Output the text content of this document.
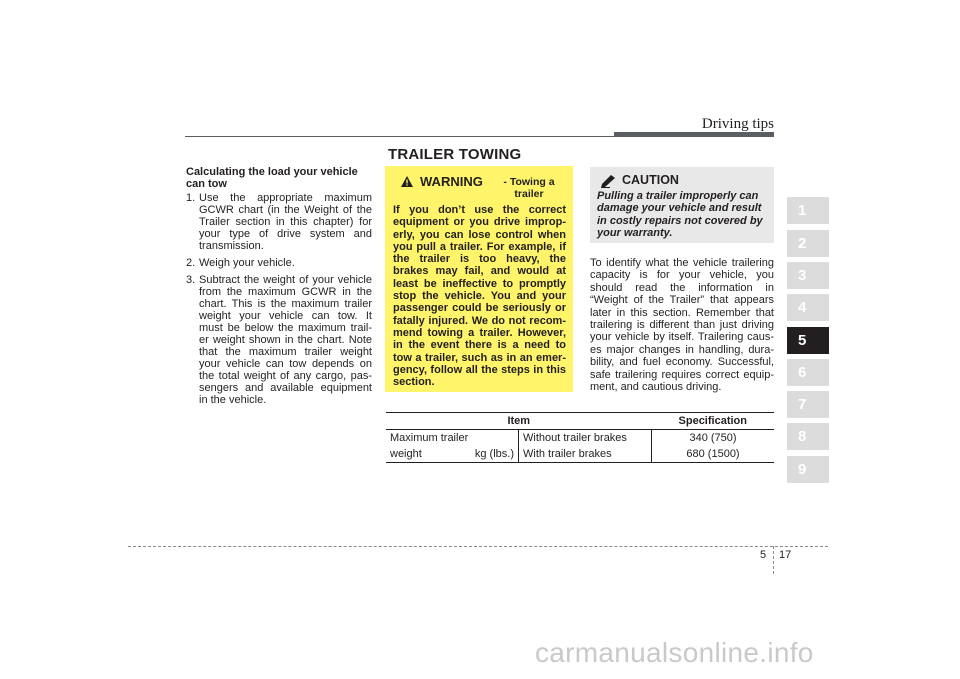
Driving tips

Calculating the load your vehicle can tow

1. Use the appropriate maximum GCWR chart (in the Weight of the Trailer section in this chapter) for your type of drive system and transmission.
2. Weigh your vehicle.
3. Subtract the weight of your vehicle from the maximum GCWR in the chart. This is the maximum trailer weight your vehicle can tow. It must be below the maximum trail-er weight shown in the chart. Note that the maximum trailer weight your vehicle can tow depends on the total weight of any cargo, pas-sengers and available equipment in the vehicle.
TRAILER TOWING
WARNING	- Towing a trailer
If you don’t use the correct equipment or you drive improp-erly, you can lose control when you pull a trailer. For example, if the trailer is too heavy, the brakes may fail, and would at least be ineffective to promptly stop the vehicle. You and your passenger could be seriously or fatally injured. We do not recom-mend towing a trailer. However, in the event there is a need to tow a trailer, such as in an emer-gency, follow all the steps in this section.
CAUTION
Pulling a trailer improperly can damage your vehicle and result in costly repairs not covered by your warranty.
To identify what the vehicle trailering capacity is for your vehicle, you should read the information in “Weight of the Trailer” that appears later in this section. Remember that trailering is different than just driving your vehicle by itself. Trailering caus-es major changes in handling, dura-bility, and fuel economy. Successful, safe trailering requires correct equip-ment, and cautious driving.
Item		Specification

Maximum trailer	Without trailer brakes	340 (750)

weight kg (lbs.)	With trailer brakes	680 (1500)
1
2
3
4
5
6
7
8
9
5 17
carmanualsonline.info
